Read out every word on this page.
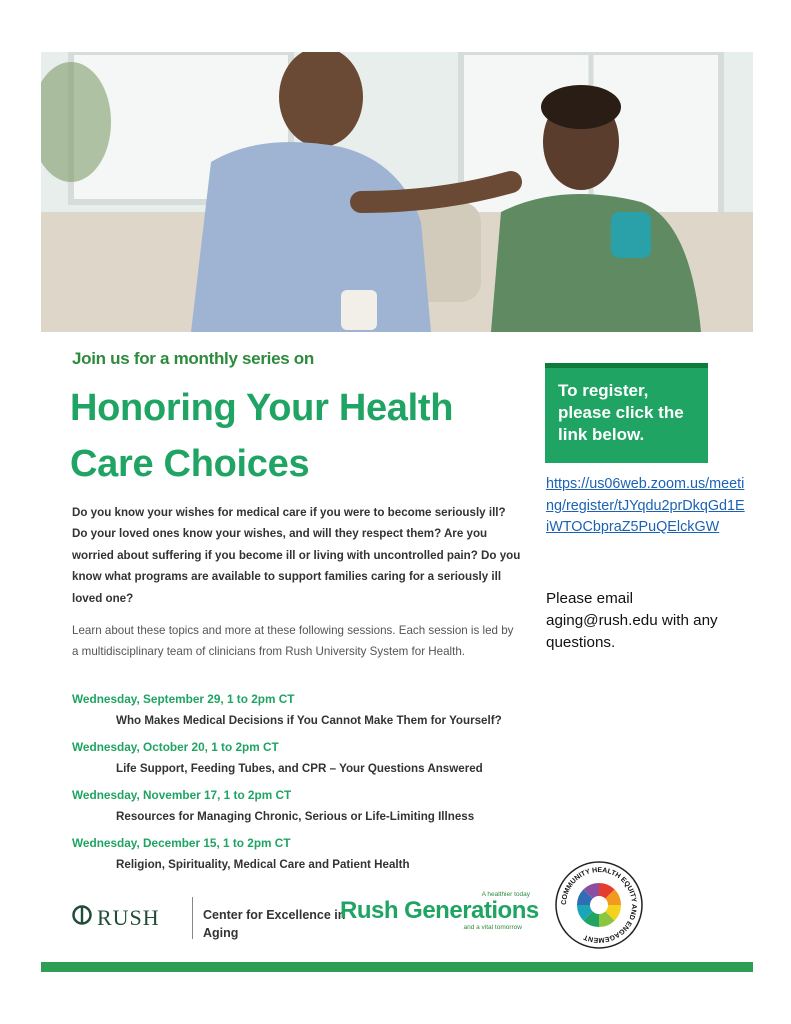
Join us for a monthly series on

Honoring Your Health Care Choices

Do you know your wishes for medical care if you were to become seriously ill? Do your loved ones know your wishes, and will they respect them? Are you worried about suffering if you become ill or living with uncontrolled pain? Do you know what programs are available to support families caring for a seriously ill loved one?

Learn about these topics and more at these following sessions. Each session is led by a multidisciplinary team of clinicians from Rush University System for Health.

Wednesday, September 29, 1 to 2pm CT
Who Makes Medical Decisions if You Cannot Make Them for Yourself?
Wednesday, October 20, 1 to 2pm CT
Life Support, Feeding Tubes, and CPR – Your Questions Answered
Wednesday, November 17, 1 to 2pm CT
Resources for Managing Chronic, Serious or Life-Limiting Illness
Wednesday, December 15, 1 to 2pm CT
Religion, Spirituality, Medical Care and Patient Health
To register, please click the link below.
https://us06web.zoom.us/meeting/register/tJYqdu2prDkqGd1EiWTOCbpraZ5PuQElckGW
Please email aging@rush.edu with any questions.
RUSH	Center for Excellence in Aging
A healthier today
Rush Generations
and a vital tomorrow
COMMUNITY HEALTH EQUITY AND ENGAGEMENT
